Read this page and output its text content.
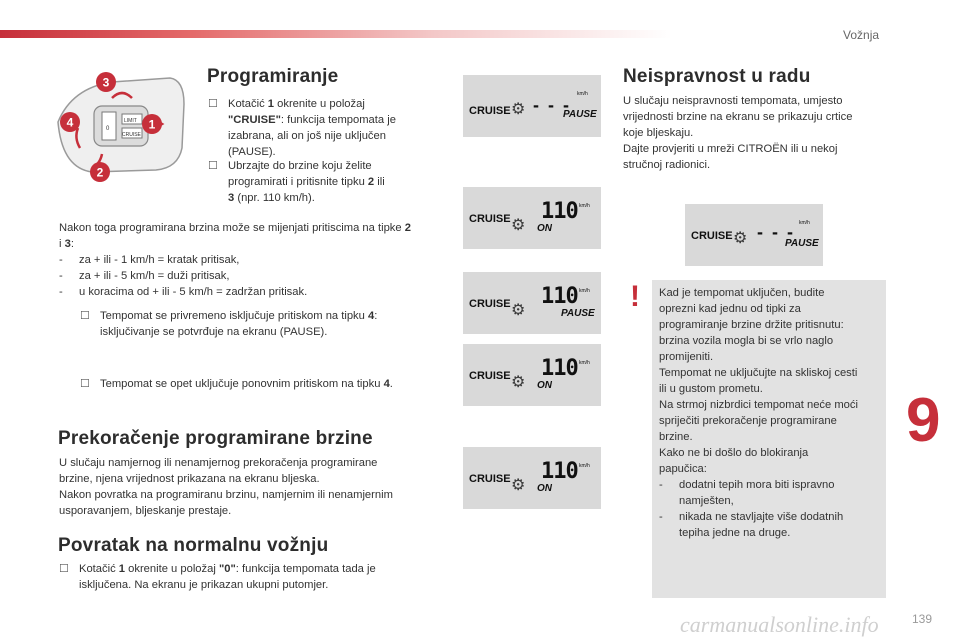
Vožnja
LIMIT
CRUISE
0
3
4	1
2
Programiranje
☐ Kotačić 1 okrenite u položaj
"CRUISE": funkcija tempomata je
izabrana, ali on još nije uključen
(PAUSE).
☐ Ubrzajte do brzine koju želite
programirati i pritisnite tipku 2 ili
3 (npr. 110 km/h).
Nakon toga programirana brzina može se mijenjati pritiscima na tipke 2
i 3:
- za + ili - 1 km/h = kratak pritisak,
- za + ili - 5 km/h = duži pritisak,
- u koracima od + ili - 5 km/h = zadržan pritisak.
☐ Tempomat se privremeno isključuje pritiskom na tipku 4:
isključivanje se potvrđuje na ekranu (PAUSE).
☐ Tempomat se opet uključuje ponovnim pritiskom na tipku 4.
Prekoračenje programirane brzine
U slučaju namjernog ili nenamjernog prekoračenja programirane
brzine, njena vrijednost prikazana na ekranu bljeska.
Nakon povratka na programiranu brzinu, namjernim ili nenamjernim
usporavanjem, bljeskanje prestaje.
Povratak na normalnu vožnju
☐ Kotačić 1 okrenite u položaj "0": funkcija tempomata tada je
isključena. Na ekranu je prikazan ukupni putomjer.
CRUISE ⚙ - - -
km/h
PAUSE
CRUISE ⚙
110 km/h
ON
CRUISE ⚙
110 km/h
PAUSE
CRUISE ⚙
110 km/h
ON
CRUISE ⚙
110 km/h
ON
Neispravnost u radu
U slučaju neispravnosti tempomata, umjesto
vrijednosti brzine na ekranu se prikazuju crtice
koje bljeskaju.
Dajte provjeriti u mreži CITROËN ili u nekoj
stručnoj radionici.
CRUISE ⚙ - - - km/h
PAUSE
! Kad je tempomat uključen, budite
oprezni kad jednu od tipki za
programiranje brzine držite pritisnutu:
brzina vozila mogla bi se vrlo naglo
promijeniti.
Tempomat ne uključujte na skliskoj cesti
ili u gustom prometu.
Na strmoj nizbrdici tempomat neće moći
spriječiti prekoračenje programirane
brzine.
Kako ne bi došlo do blokiranja
papučica:
- dodatni tepih mora biti ispravno
namješten,
- nikada ne stavljajte više dodatnih
tepiha jedne na druge.
9
carmanualsonline.info	139
